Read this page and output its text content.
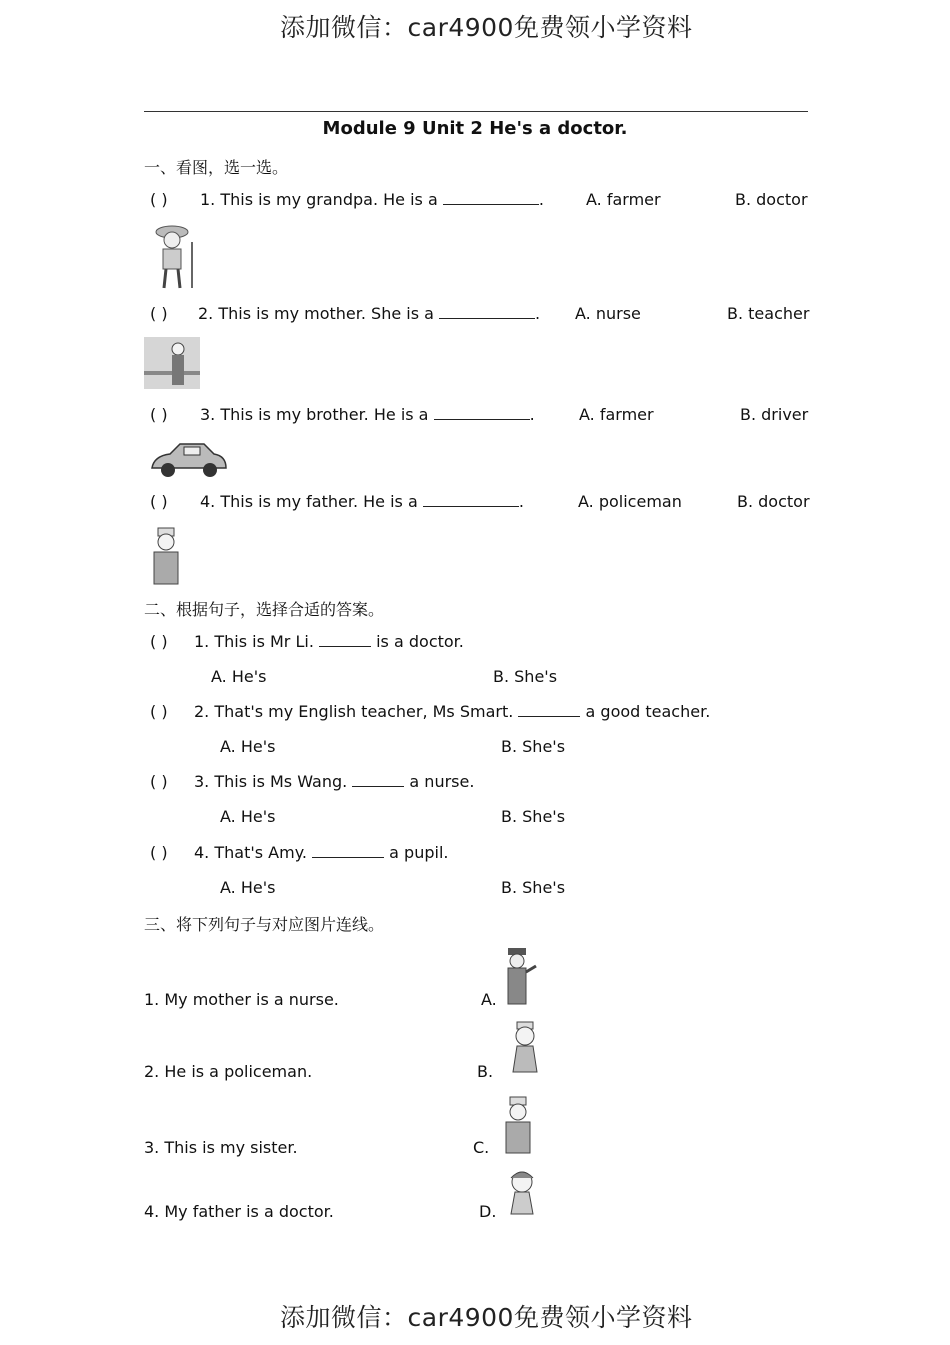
添加微信：car4900免费领小学资料
添加微信：car4900免费领小学资料
Module 9 Unit 2 He's a doctor.
一、看图，选一选。
( ) 1. This is my grandpa. He is a	.	A. farmer	B. doctor
( ) 2. This is my mother. She is a	. A. nurse	B. teacher
( ) 3. This is my brother. He is a	.	A. farmer	B. driver
( ) 4. This is my father. He is a	.	A. policeman	B. doctor
二、根据句子，选择合适的答案。
( ) 1. This is Mr Li.	is a doctor.
A. He's	B. She's
( ) 2. That's my English teacher, Ms Smart.	a good teacher.
A. He's	B. She's
( ) 3. This is Ms Wang.	a nurse.
A. He's	B. She's
( ) 4. That's Amy.	a pupil.
A. He's	B. She's
三、将下列句子与对应图片连线。
1. My mother is a nurse.
2. He is a policeman.
3. This is my sister.
4. My father is a doctor.
A.
B.
C.
D.
